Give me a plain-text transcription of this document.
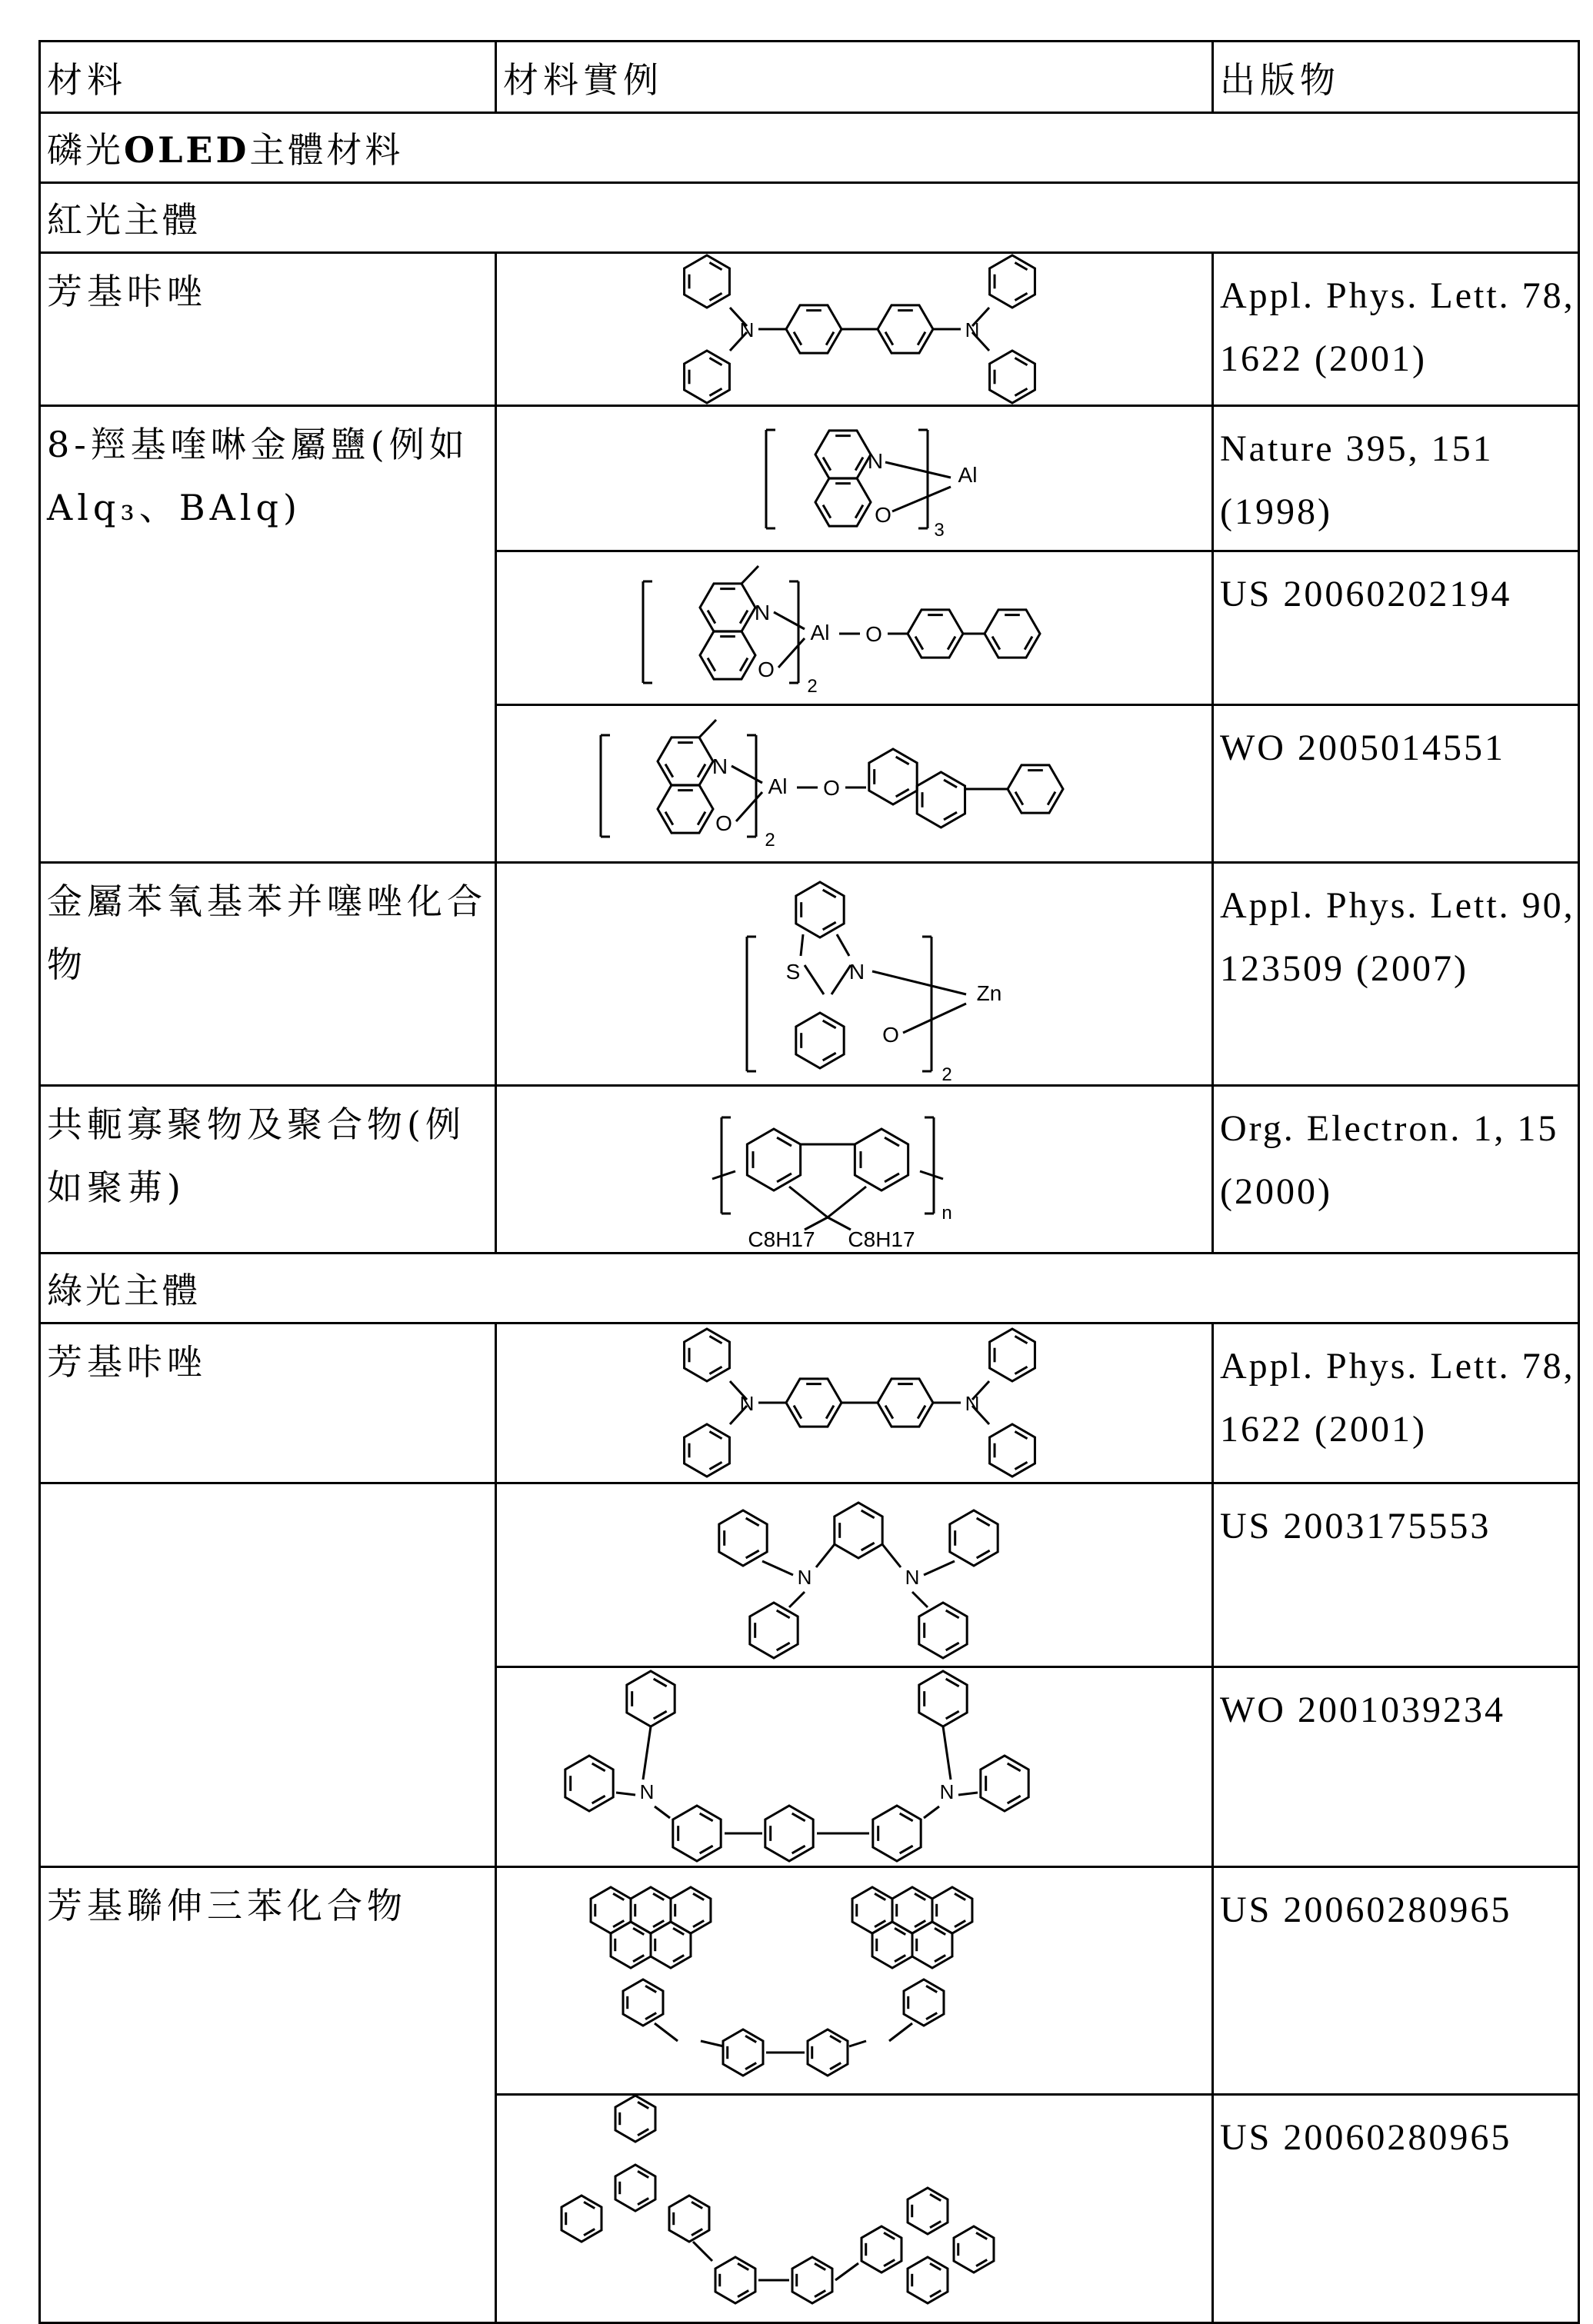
材料	材料實例	出版物
磷光OLED主體材料
紅光主體
芳基咔唑	
N	N
	Appl. Phys. Lett. 78, 1622 (2001)
8-羥基喹啉金屬鹽(例如Alq₃、BAlq)	
N
O
Al
3
	Nature 395, 151 (1998)

N
O
Al
2
O
	US 20060202194

N
O
Al
2
O
	WO 2005014551
金屬苯氧基苯并噻唑化合物	S N
O
Zn
2
	Appl. Phys. Lett. 90, 123509 (2007)
共軛寡聚物及聚合物(例如聚茀)	
n
C8H17 C8H17
	Org. Electron. 1, 15 (2000)
綠光主體
芳基咔唑	
N	N
	Appl. Phys. Lett. 78, 1622 (2001)

N	N
	US 2003175553

N	N
	WO 2001039234
芳基聯伸三苯化合物		US 20060280965

	US 20060280965
